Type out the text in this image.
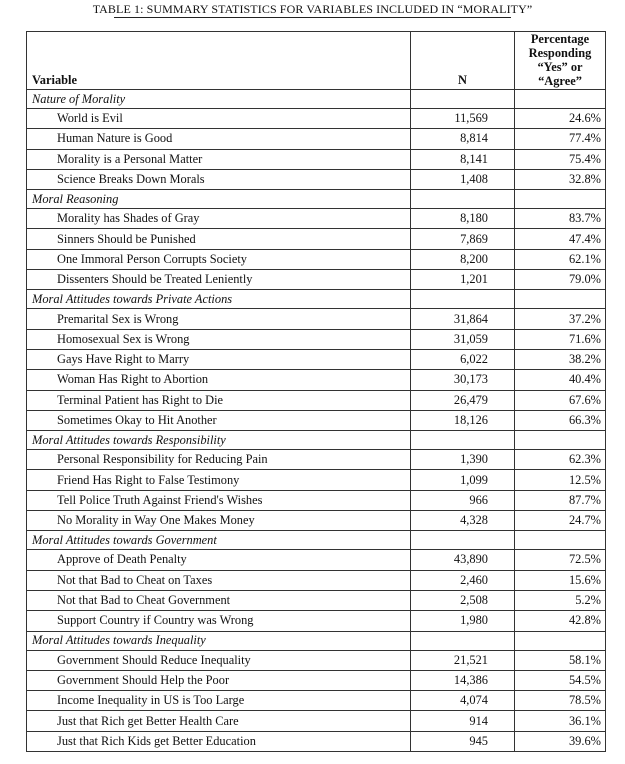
TABLE 1: SUMMARY STATISTICS FOR VARIABLES INCLUDED IN “MORALITY”
Variable	N	Percentage
Responding
“Yes” or “Agree”

Nature of Morality		
World is Evil	11,569	24.6%
Human Nature is Good	8,814	77.4%
Morality is a Personal Matter	8,141	75.4%
Science Breaks Down Morals	1,408	32.8%
Moral Reasoning		
Morality has Shades of Gray	8,180	83.7%
Sinners Should be Punished	7,869	47.4%
One Immoral Person Corrupts Society	8,200	62.1%
Dissenters Should be Treated Leniently	1,201	79.0%
Moral Attitudes towards Private Actions		
Premarital Sex is Wrong	31,864	37.2%
Homosexual Sex is Wrong	31,059	71.6%
Gays Have Right to Marry	6,022	38.2%
Woman Has Right to Abortion	30,173	40.4%
Terminal Patient has Right to Die	26,479	67.6%
Sometimes Okay to Hit Another	18,126	66.3%
Moral Attitudes towards Responsibility		
Personal Responsibility for Reducing Pain	1,390	62.3%
Friend Has Right to False Testimony	1,099	12.5%
Tell Police Truth Against Friend's Wishes	966	87.7%
No Morality in Way One Makes Money	4,328	24.7%
Moral Attitudes towards Government		
Approve of Death Penalty	43,890	72.5%
Not that Bad to Cheat on Taxes	2,460	15.6%
Not that Bad to Cheat Government	2,508	5.2%
Support Country if Country was Wrong	1,980	42.8%
Moral Attitudes towards Inequality		
Government Should Reduce Inequality	21,521	58.1%
Government Should Help the Poor	14,386	54.5%
Income Inequality in US is Too Large	4,074	78.5%
Just that Rich get Better Health Care	914	36.1%
Just that Rich Kids get Better Education	945	39.6%
